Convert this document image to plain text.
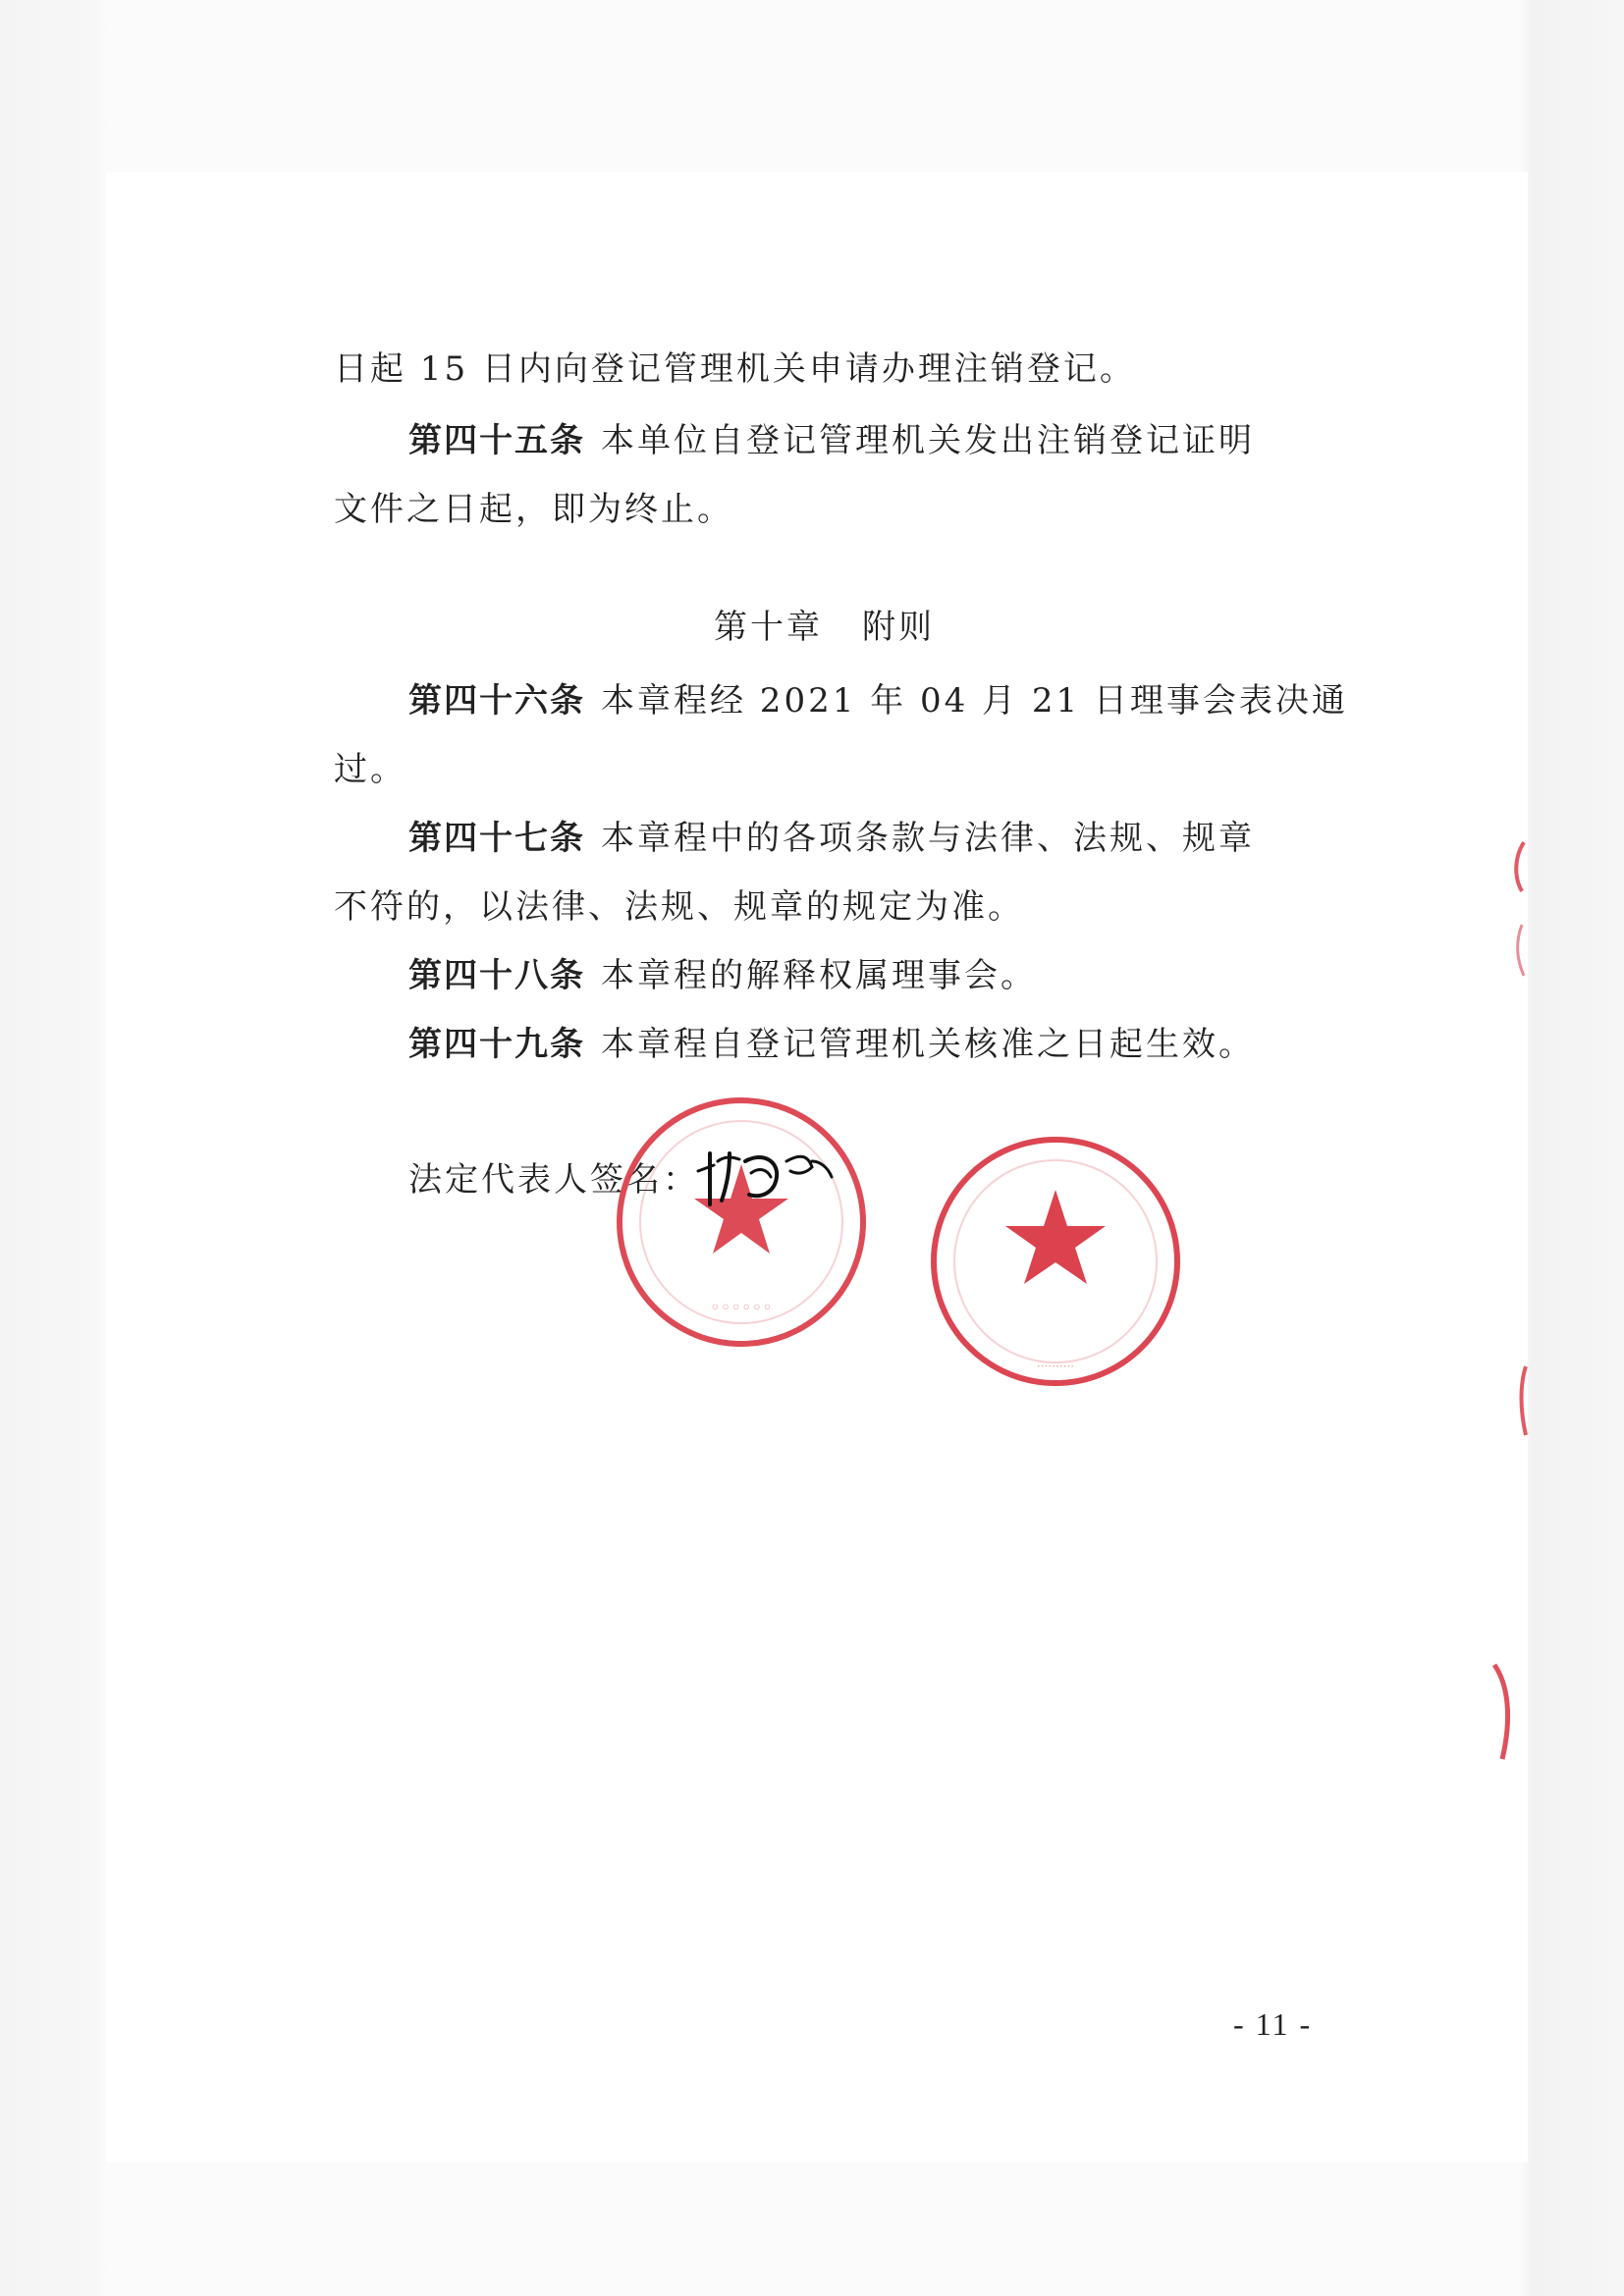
日起 15 日内向登记管理机关申请办理注销登记。
第四十五条 本单位自登记管理机关发出注销登记证明
文件之日起，即为终止。
第十章 附则
第四十六条 本章程经 2021 年 04 月 21 日理事会表决通
过。
第四十七条 本章程中的各项条款与法律、法规、规章
不符的，以法律、法规、规章的规定为准。
第四十八条 本章程的解释权属理事会。
第四十九条 本章程自登记管理机关核准之日起生效。
法定代表人签名：
◦◦◦◦◦◦
··········
- 11 -
